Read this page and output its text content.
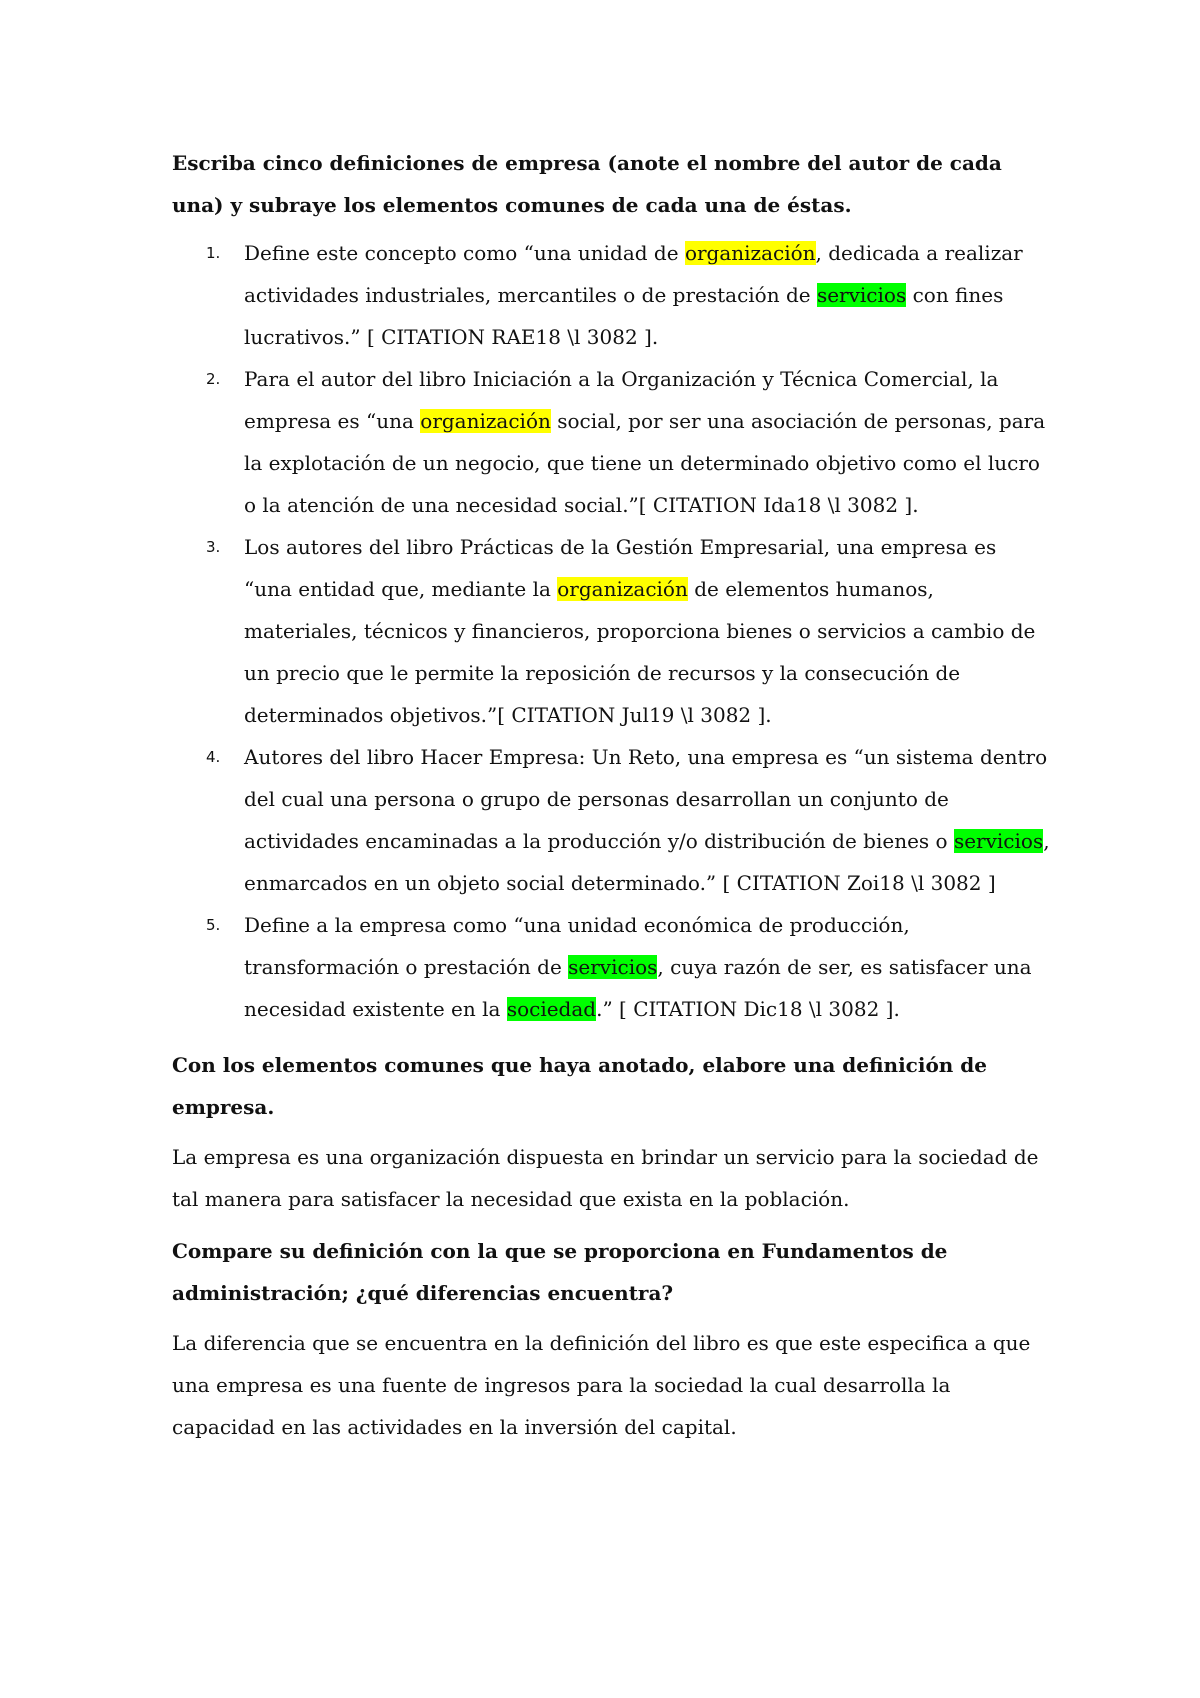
Escriba cinco definiciones de empresa (anote el nombre del autor de cada una) y subraye los elementos comunes de cada una de éstas.

1. Define este concepto como “una unidad de organización, dedicada a realizar actividades industriales, mercantiles o de prestación de servicios con fines lucrativos.” [ CITATION RAE18 \l 3082 ].
2. Para el autor del libro Iniciación a la Organización y Técnica Comercial, la empresa es “una organización social, por ser una asociación de personas, para la explotación de un negocio, que tiene un determinado objetivo como el lucro o la atención de una necesidad social.”[ CITATION Ida18 \l 3082 ].
3. Los autores del libro Prácticas de la Gestión Empresarial, una empresa es “una entidad que, mediante la organización de elementos humanos, materiales, técnicos y financieros, proporciona bienes o servicios a cambio de un precio que le permite la reposición de recursos y la consecución de determinados objetivos.”[ CITATION Jul19 \l 3082 ].
4. Autores del libro Hacer Empresa: Un Reto, una empresa es “un sistema dentro del cual una persona o grupo de personas desarrollan un conjunto de actividades encaminadas a la producción y/o distribución de bienes o servicios, enmarcados en un objeto social determinado.” [ CITATION Zoi18 \l 3082 ]
5. Define a la empresa como “una unidad económica de producción, transformación o prestación de servicios, cuya razón de ser, es satisfacer una necesidad existente en la sociedad.” [ CITATION Dic18 \l 3082 ].

Con los elementos comunes que haya anotado, elabore una definición de empresa.

La empresa es una organización dispuesta en brindar un servicio para la sociedad de tal manera para satisfacer la necesidad que exista en la población.

Compare su definición con la que se proporciona en Fundamentos de administración; ¿qué diferencias encuentra?

La diferencia que se encuentra en la definición del libro es que este especifica a que una empresa es una fuente de ingresos para la sociedad la cual desarrolla la capacidad en las actividades en la inversión del capital.
